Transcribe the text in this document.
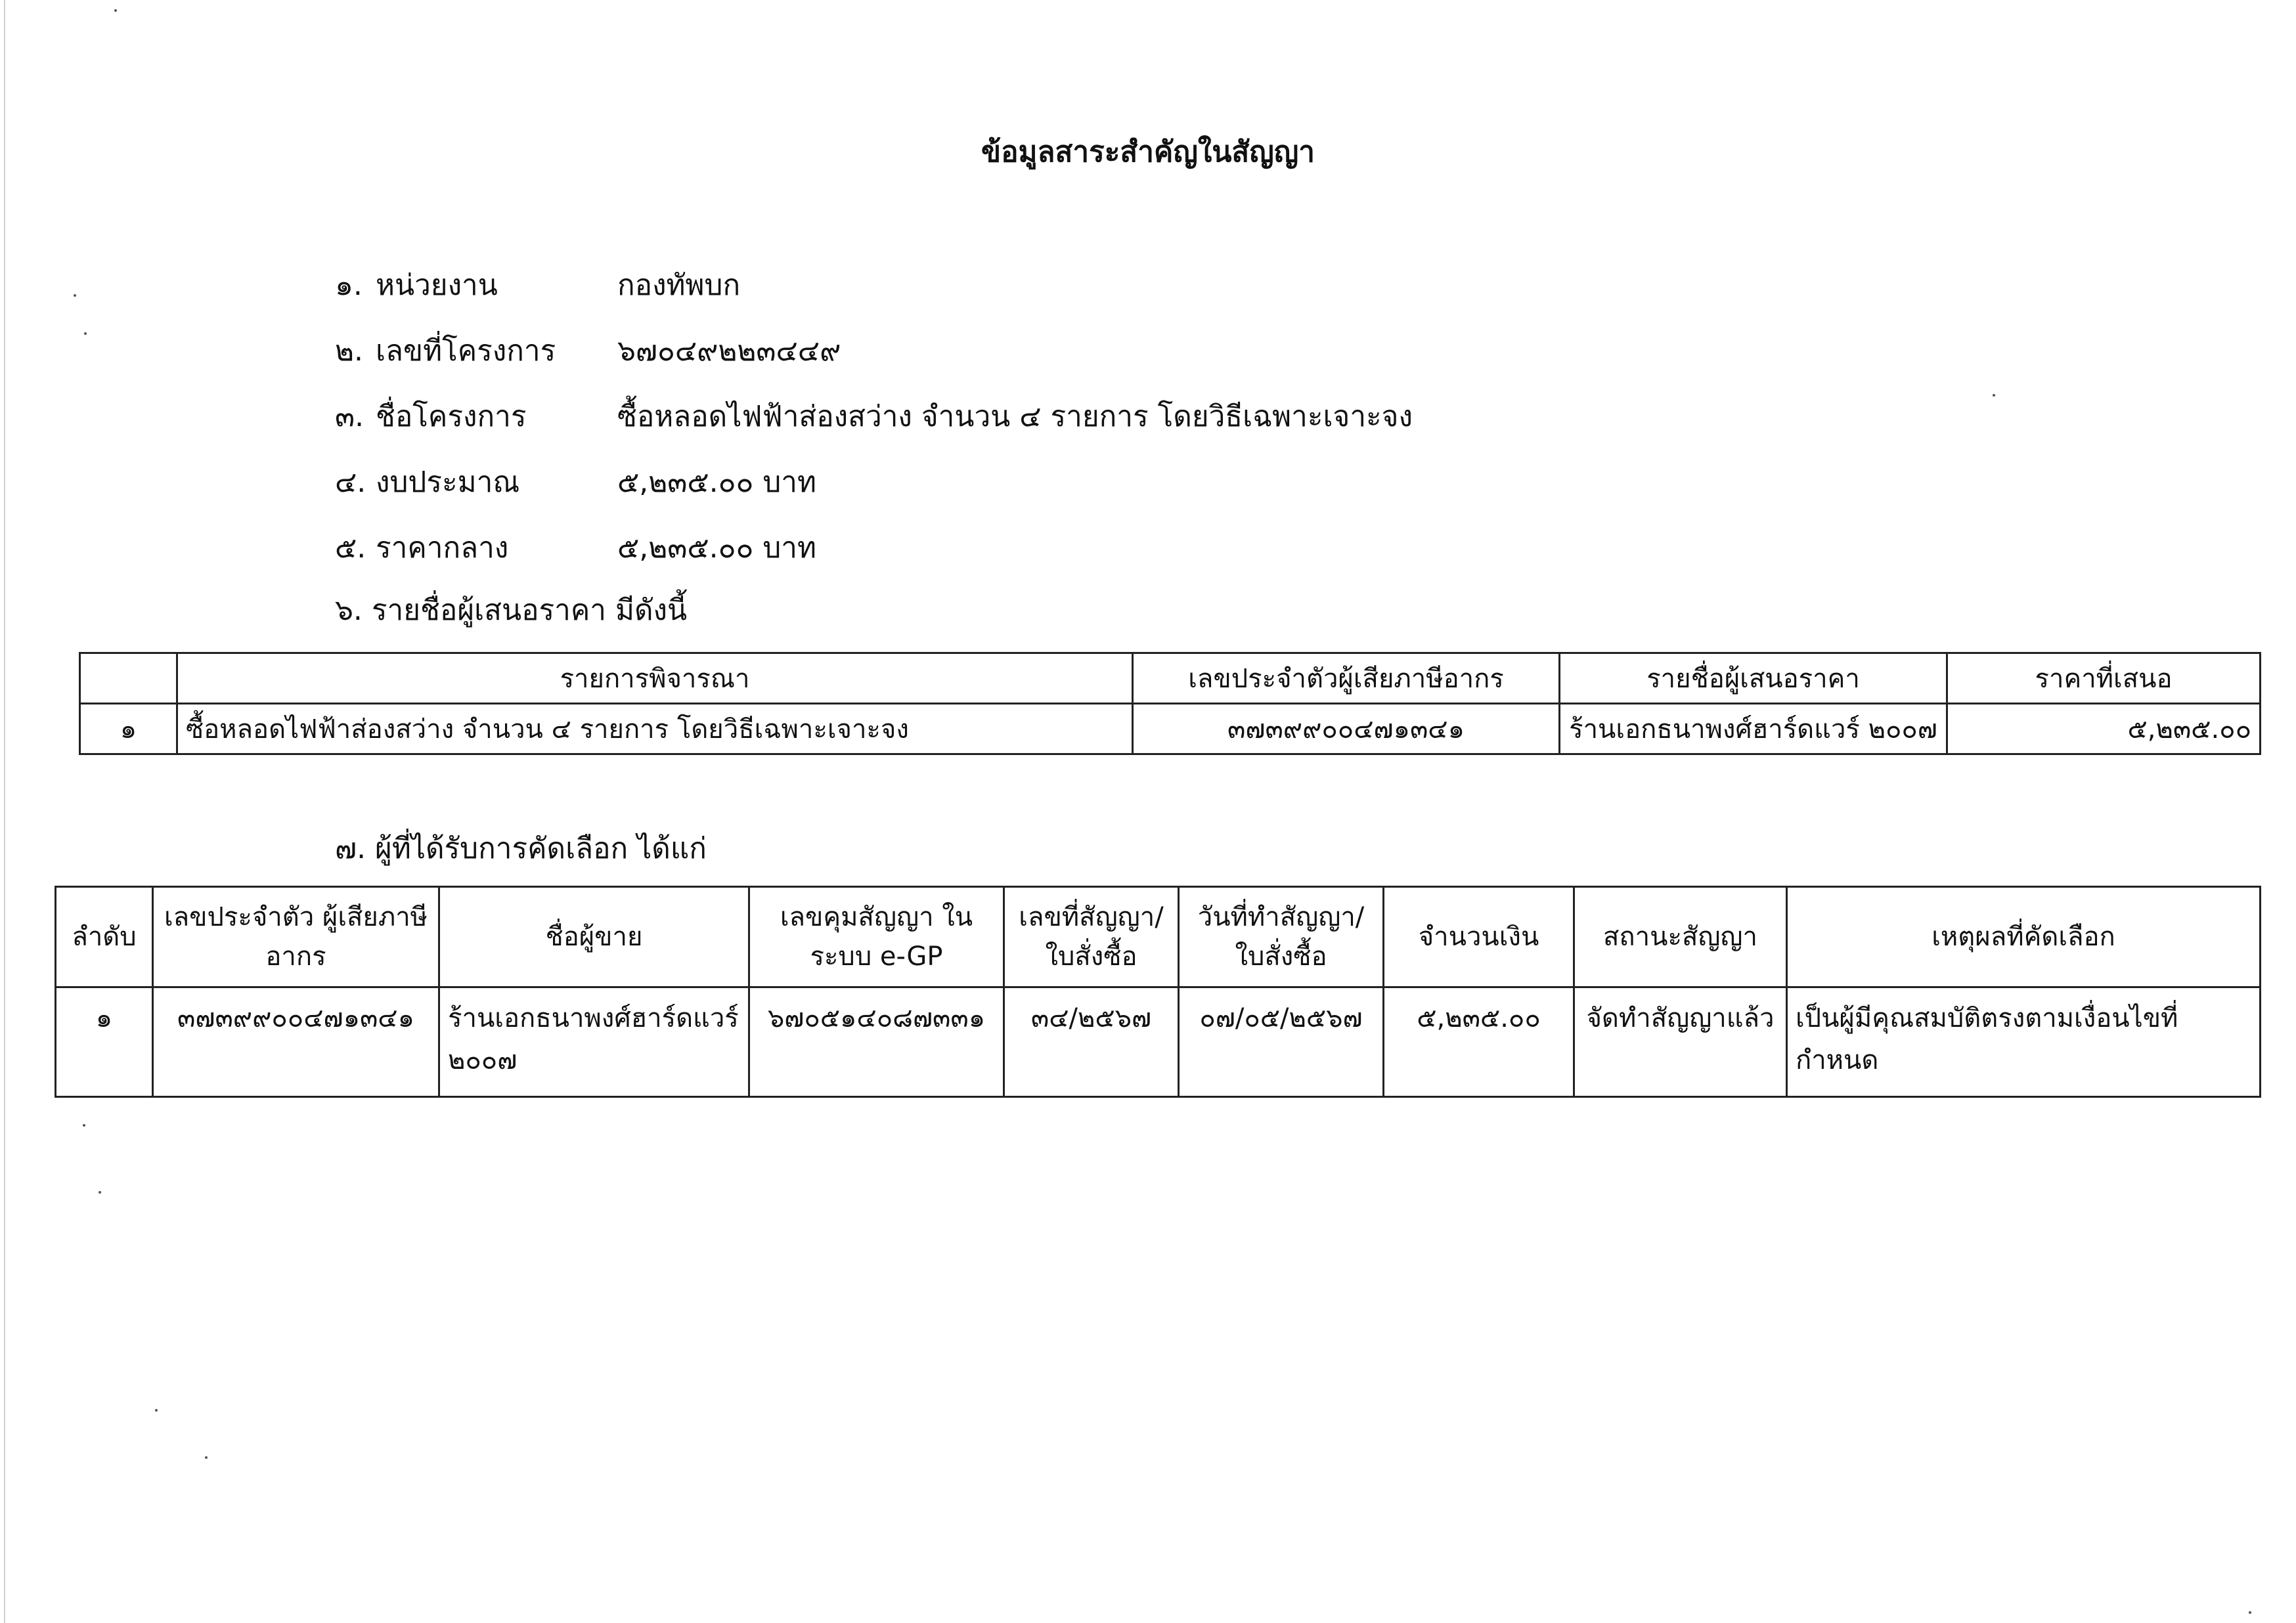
ข้อมูลสาระสำคัญในสัญญา
๑. หน่วยงาน	กองทัพบก
๒. เลขที่โครงการ ๖๗๐๔๙๒๒๓๔๔๙
๓. ชื่อโครงการ	ซื้อหลอดไฟฟ้าส่องสว่าง จำนวน ๔ รายการ โดยวิธีเฉพาะเจาะจง
๔. งบประมาณ	๕,๒๓๕.๐๐ บาท
๕. ราคากลาง	๕,๒๓๕.๐๐ บาท
๖. รายชื่อผู้เสนอราคา มีดังนี้
	รายการพิจารณา	เลขประจำตัวผู้เสียภาษีอากร	รายชื่อผู้เสนอราคา	ราคาที่เสนอ
๑	ซื้อหลอดไฟฟ้าส่องสว่าง จำนวน ๔ รายการ โดยวิธีเฉพาะเจาะจง	๓๗๓๙๙๐๐๔๗๑๓๔๑	ร้านเอกธนาพงศ์ฮาร์ดแวร์ ๒๐๐๗	๕,๒๓๕.๐๐
๗. ผู้ที่ได้รับการคัดเลือก ได้แก่
ลำดับ	เลขประจำตัว ผู้เสียภาษีอากร	ชื่อผู้ขาย	เลขคุมสัญญา ในระบบ e-GP	เลขที่สัญญา/ ใบสั่งซื้อ	วันที่ทำสัญญา/ ใบสั่งซื้อ	จำนวนเงิน	สถานะสัญญา	เหตุผลที่คัดเลือก
๑	๓๗๓๙๙๐๐๔๗๑๓๔๑	ร้านเอกธนาพงศ์ฮาร์ดแวร์ ๒๐๐๗	๖๗๐๕๑๔๐๘๗๓๓๑	๓๔/๒๕๖๗	๐๗/๐๕/๒๕๖๗	๕,๒๓๕.๐๐	จัดทำสัญญาแล้ว	เป็นผู้มีคุณสมบัติตรงตามเงื่อนไขที่ กำหนด
